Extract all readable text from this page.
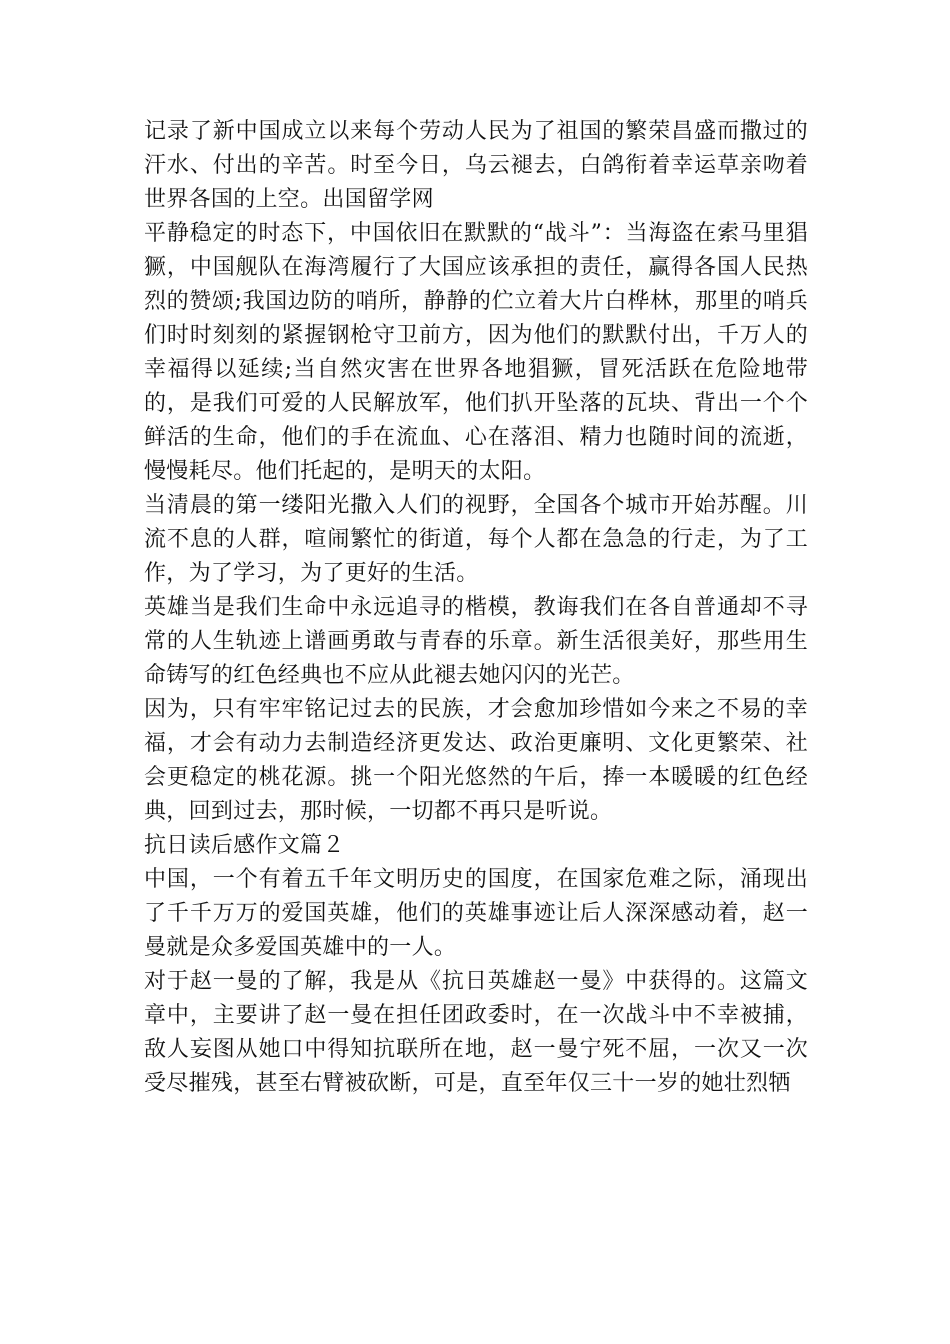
记录了新中国成立以来每个劳动人民为了祖国的繁荣昌盛而撒过的汗水、付出的辛苦。时至今日，乌云褪去，白鸽衔着幸运草亲吻着世界各国的上空。出国留学网

平静稳定的时态下，中国依旧在默默的“战斗”：当海盗在索马里猖獗，中国舰队在海湾履行了大国应该承担的责任，赢得各国人民热烈的赞颂;我国边防的哨所，静静的伫立着大片白桦林，那里的哨兵们时时刻刻的紧握钢枪守卫前方，因为他们的默默付出，千万人的幸福得以延续;当自然灾害在世界各地猖獗，冒死活跃在危险地带的，是我们可爱的人民解放军，他们扒开坠落的瓦块、背出一个个鲜活的生命，他们的手在流血、心在落泪、精力也随时间的流逝，慢慢耗尽。他们托起的，是明天的太阳。

当清晨的第一缕阳光撒入人们的视野，全国各个城市开始苏醒。川流不息的人群，喧闹繁忙的街道，每个人都在急急的行走，为了工作，为了学习，为了更好的生活。

英雄当是我们生命中永远追寻的楷模，教诲我们在各自普通却不寻常的人生轨迹上谱画勇敢与青春的乐章。新生活很美好，那些用生命铸写的红色经典也不应从此褪去她闪闪的光芒。

因为，只有牢牢铭记过去的民族，才会愈加珍惜如今来之不易的幸福，才会有动力去制造经济更发达、政治更廉明、文化更繁荣、社会更稳定的桃花源。挑一个阳光悠然的午后，捧一本暖暖的红色经典，回到过去，那时候，一切都不再只是听说。

抗日读后感作文篇２

中国，一个有着五千年文明历史的国度，在国家危难之际，涌现出了千千万万的爱国英雄，他们的英雄事迹让后人深深感动着，赵一曼就是众多爱国英雄中的一人。

对于赵一曼的了解，我是从《抗日英雄赵一曼》中获得的。这篇文章中，主要讲了赵一曼在担任团政委时，在一次战斗中不幸被捕，敌人妄图从她口中得知抗联所在地，赵一曼宁死不屈，一次又一次受尽摧残，甚至右臂被砍断，可是，直至年仅三十一岁的她壮烈牺
